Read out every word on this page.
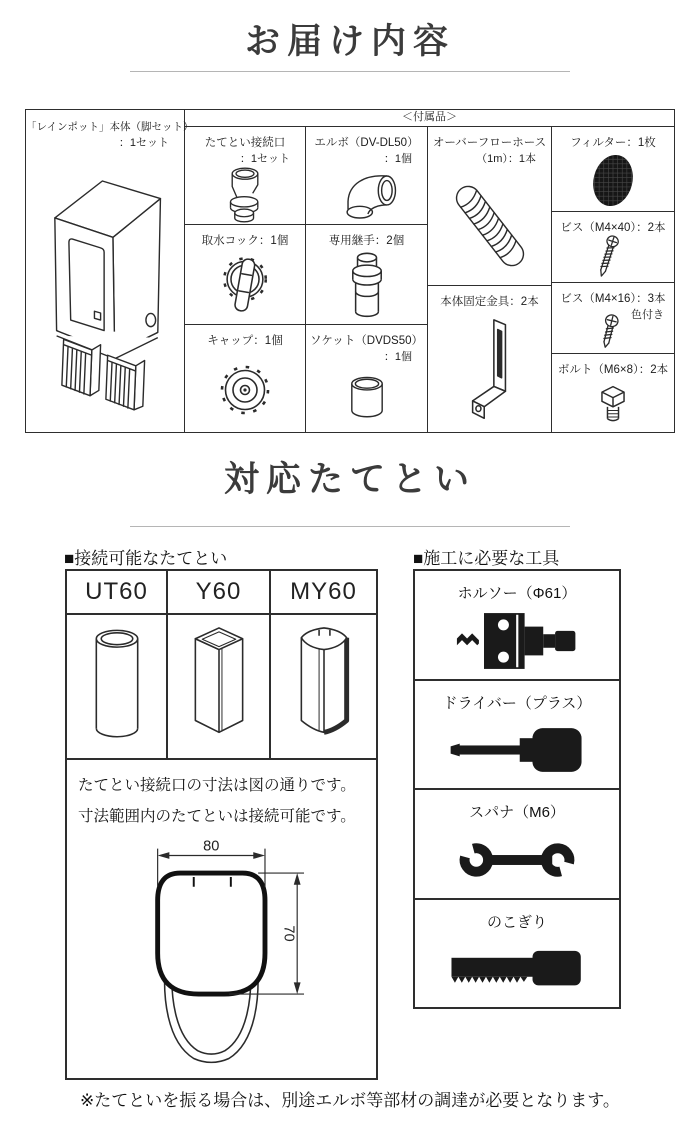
お届け内容
「レインポット」本体（脚セット）
：1セット
＜付属品＞
たてとい接続口
：1セット
取水コック：1個
キャップ：1個
エルボ（DV-DL50）
：1個
専用継手：2個
ソケット（DVDS50）
：1個
オーバーフローホース
（1m）：1本
本体固定金具：2本
フィルター：1枚
ビス（M4×40）：2本
ビス（M4×16）：3本
色付き
ボルト（M6×8）：2本
対応たてとい
■接続可能なたてとい
UT60	Y60	MY60
たてとい接続口の寸法は図の通りです。
寸法範囲内のたてといは接続可能です。
80
70
■施工に必要な工具
ホルソー（Φ61）
ドライバー（プラス）
スパナ（M6）
のこぎり
※たてといを振る場合は、別途エルボ等部材の調達が必要となります。
